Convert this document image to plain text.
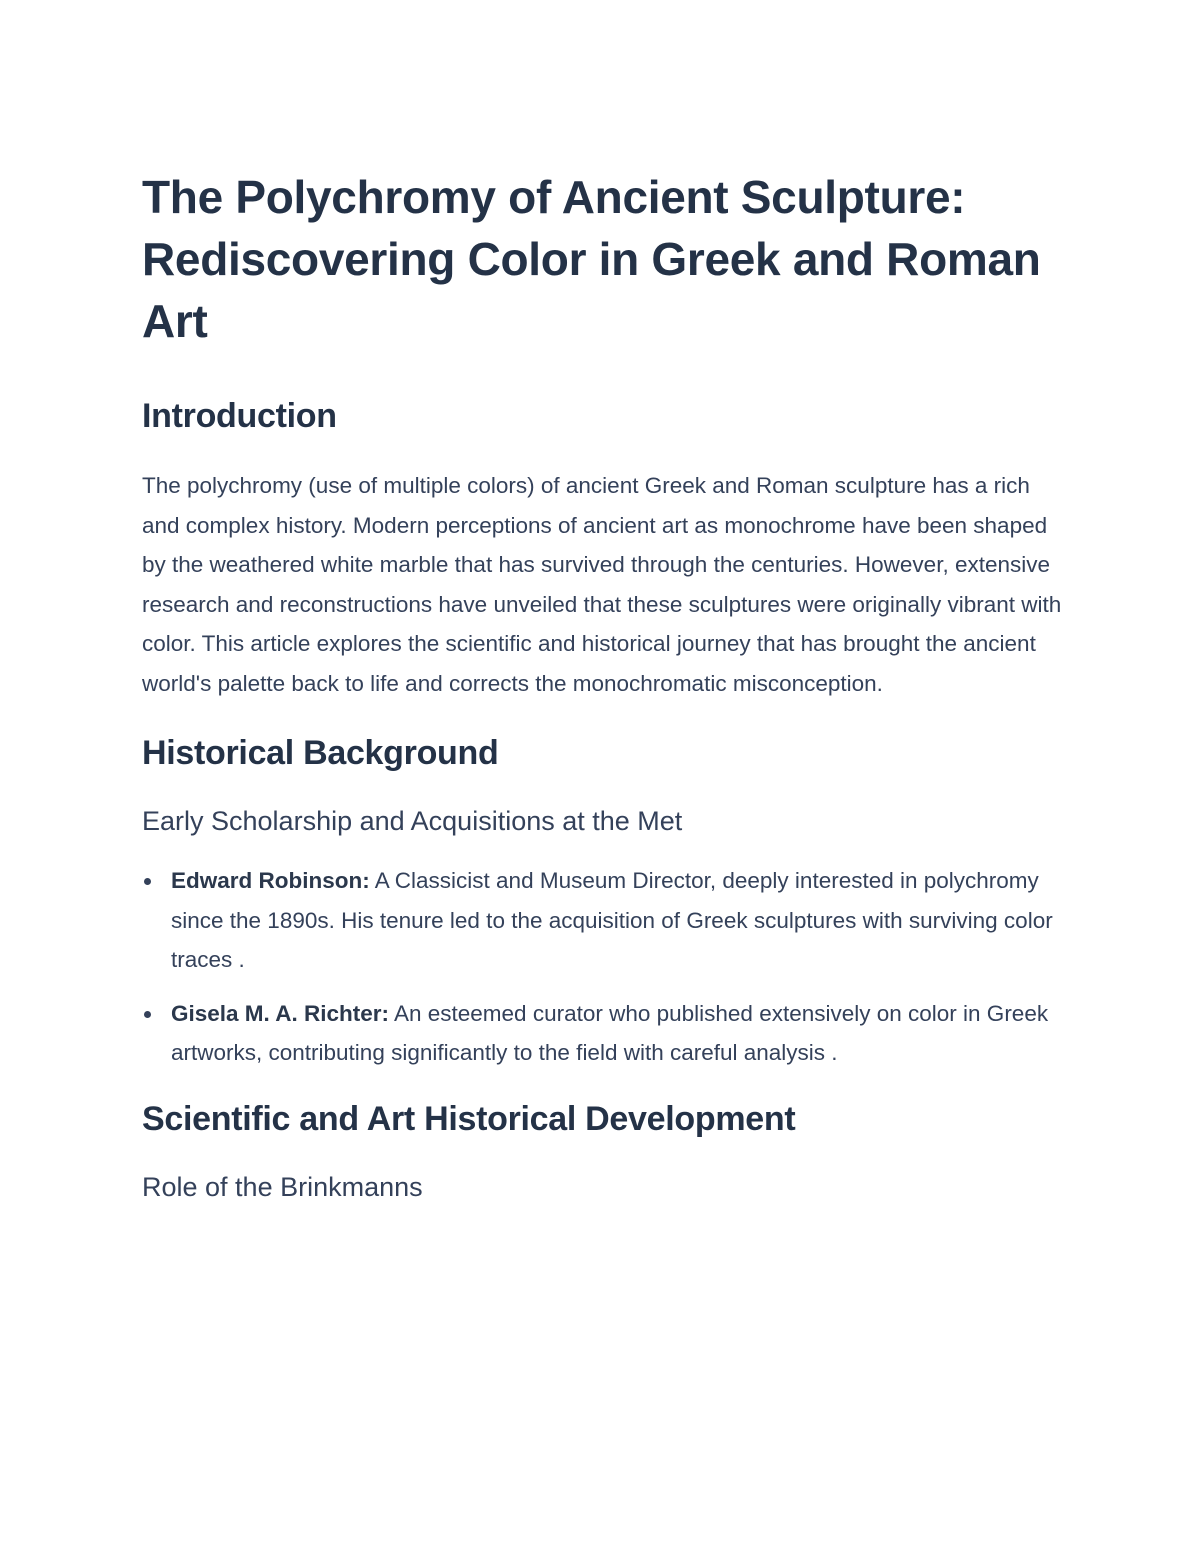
The Polychromy of Ancient Sculpture: Rediscovering Color in Greek and Roman Art
Introduction

The polychromy (use of multiple colors) of ancient Greek and Roman sculpture has a rich and complex history. Modern perceptions of ancient art as monochrome have been shaped by the weathered white marble that has survived through the centuries. However, extensive research and reconstructions have unveiled that these sculptures were originally vibrant with color. This article explores the scientific and historical journey that has brought the ancient world's palette back to life and corrects the monochromatic misconception.

Historical Background
Early Scholarship and Acquisitions at the Met
Edward Robinson: A Classicist and Museum Director, deeply interested in polychromy since the 1890s. His tenure led to the acquisition of Greek sculptures with surviving color traces .
Gisela M. A. Richter: An esteemed curator who published extensively on color in Greek artworks, contributing significantly to the field with careful analysis .
Scientific and Art Historical Development
Role of the Brinkmanns
